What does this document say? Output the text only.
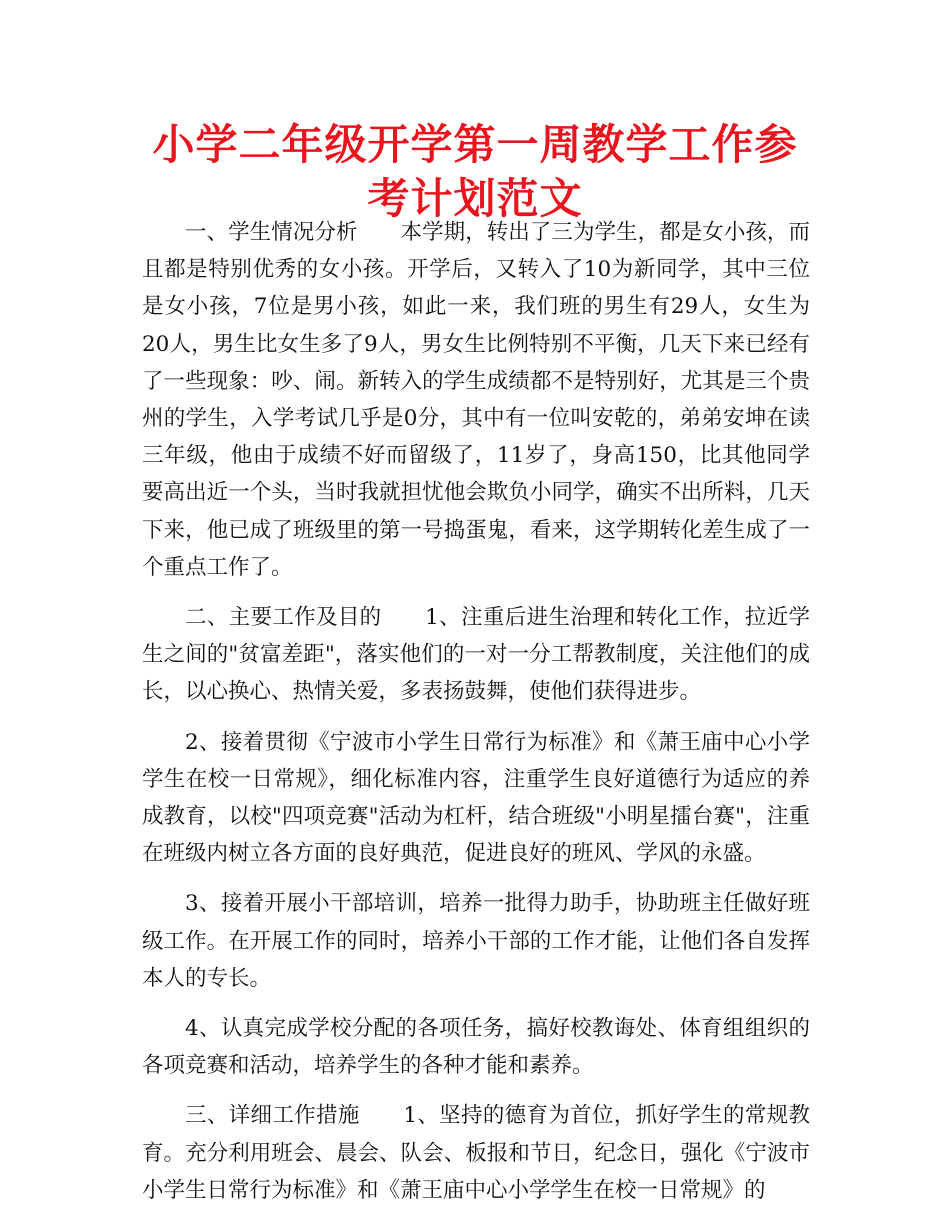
小学二年级开学第一周教学工作参考计划范文

一、学生情况分析　　本学期，转出了三为学生，都是女小孩，而且都是特别优秀的女小孩。开学后，又转入了10为新同学，其中三位是女小孩，7位是男小孩，如此一来，我们班的男生有29人，女生为20人，男生比女生多了9人，男女生比例特别不平衡，几天下来已经有了一些现象：吵、闹。新转入的学生成绩都不是特别好，尤其是三个贵州的学生，入学考试几乎是0分，其中有一位叫安乾的，弟弟安坤在读三年级，他由于成绩不好而留级了，11岁了，身高150，比其他同学要高出近一个头，当时我就担忧他会欺负小同学，确实不出所料，几天下来，他已成了班级里的第一号捣蛋鬼，看来，这学期转化差生成了一个重点工作了。

二、主要工作及目的　　1、注重后进生治理和转化工作，拉近学生之间的"贫富差距"，落实他们的一对一分工帮教制度，关注他们的成长，以心换心、热情关爱，多表扬鼓舞，使他们获得进步。

2、接着贯彻《宁波市小学生日常行为标准》和《萧王庙中心小学学生在校一日常规》，细化标准内容，注重学生良好道德行为适应的养成教育，以校"四项竞赛"活动为杠杆，结合班级"小明星擂台赛"，注重在班级内树立各方面的良好典范，促进良好的班风、学风的永盛。

3、接着开展小干部培训，培养一批得力助手，协助班主任做好班级工作。在开展工作的同时，培养小干部的工作才能，让他们各自发挥本人的专长。

4、认真完成学校分配的各项任务，搞好校教诲处、体育组组织的各项竞赛和活动，培养学生的各种才能和素养。

三、详细工作措施　　1、坚持的德育为首位，抓好学生的常规教育。充分利用班会、晨会、队会、板报和节日，纪念日，强化《宁波市小学生日常行为标准》和《萧王庙中心小学学生在校一日常规》的
